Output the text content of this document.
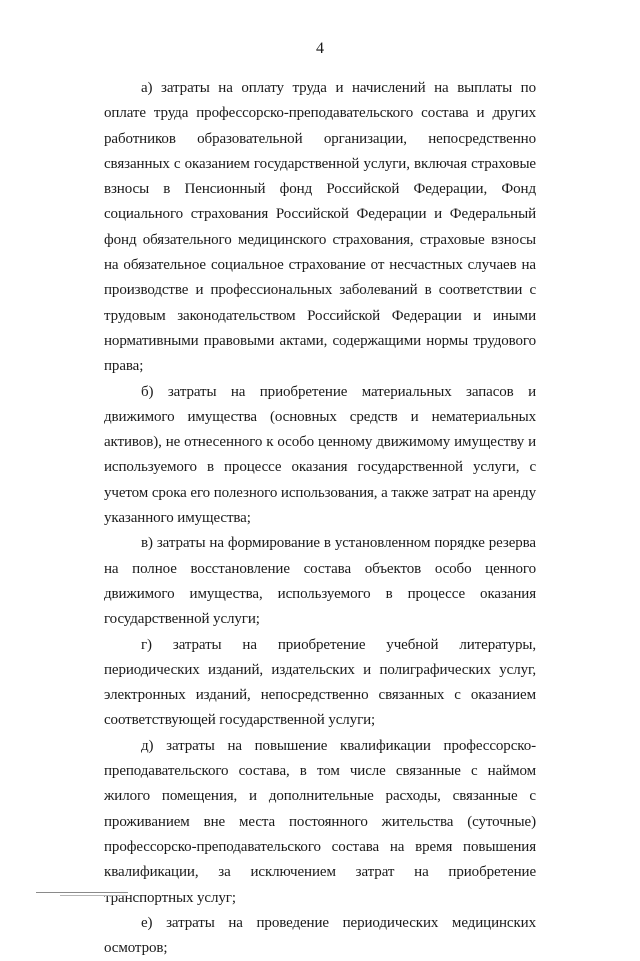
4

а) затраты на оплату труда и начислений на выплаты по оплате труда профессорско-преподавательского состава и других работников образовательной организации, непосредственно связанных с оказанием государственной услуги, включая страховые взносы в Пенсионный фонд Российской Федерации, Фонд социального страхования Российской Федерации и Федеральный фонд обязательного медицинского страхования, страховые взносы на обязательное социальное страхование от несчастных случаев на производстве и профессиональных заболеваний в соответствии с трудовым законодательством Российской Федерации и иными нормативными правовыми актами, содержащими нормы трудового права;

б) затраты на приобретение материальных запасов и движимого имущества (основных средств и нематериальных активов), не отнесенного к особо ценному движимому имуществу и используемого в процессе оказания государственной услуги, с учетом срока его полезного использования, а также затрат на аренду указанного имущества;

в) затраты на формирование в установленном порядке резерва на полное восстановление состава объектов особо ценного движимого имущества, используемого в процессе оказания государственной услуги;

г) затраты на приобретение учебной литературы, периодических изданий, издательских и полиграфических услуг, электронных изданий, непосредственно связанных с оказанием соответствующей государственной услуги;

д) затраты на повышение квалификации профессорско-преподавательского состава, в том числе связанные с наймом жилого помещения, и дополнительные расходы, связанные с проживанием вне места постоянного жительства (суточные) профессорско-преподавательского состава на время повышения квалификации, за исключением затрат на приобретение транспортных услуг;

е) затраты на проведение периодических медицинских осмотров;
